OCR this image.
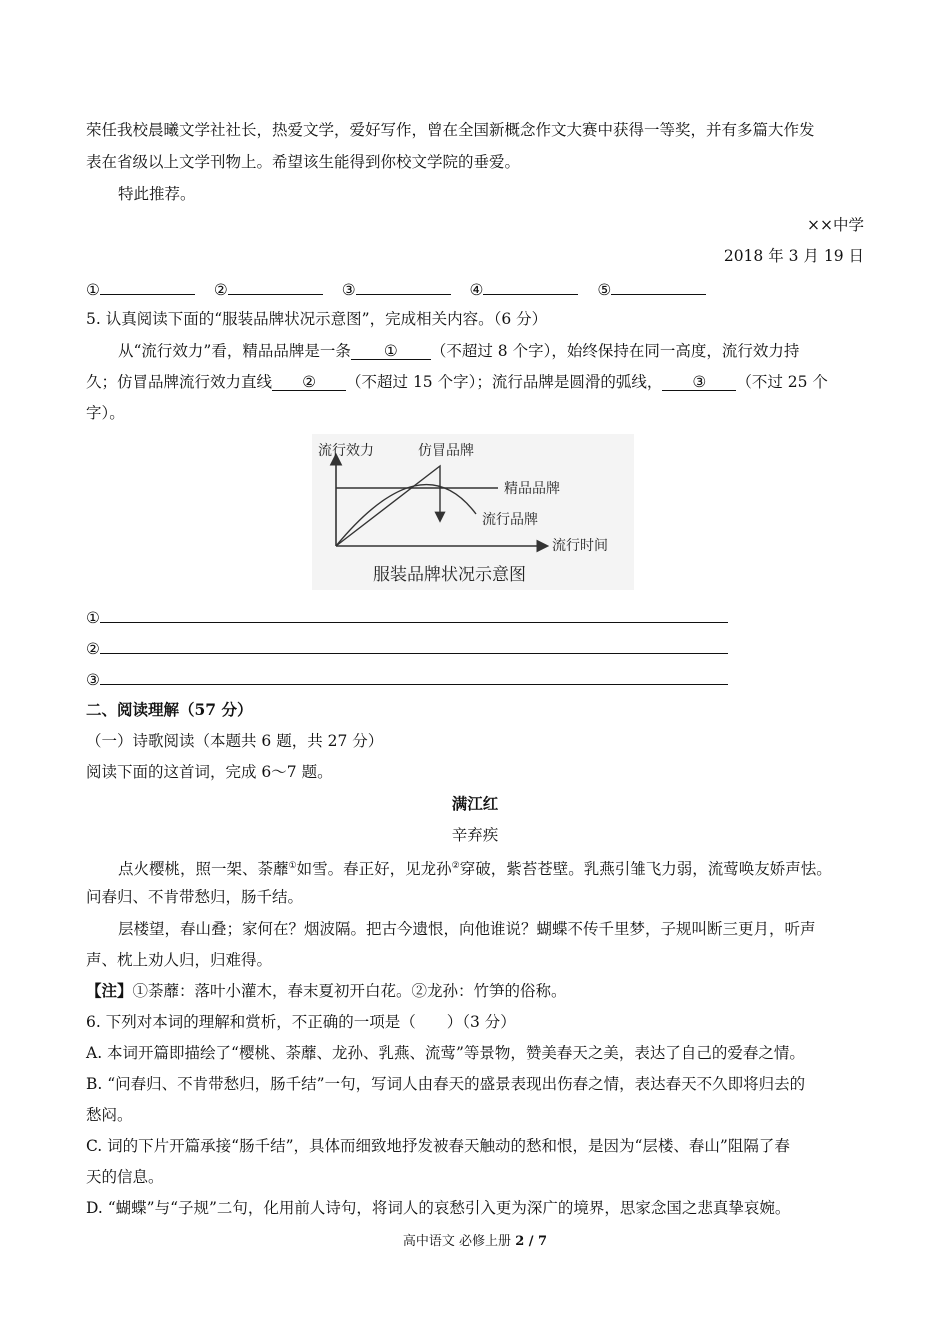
荣任我校晨曦文学社社长，热爱文学，爱好写作，曾在全国新概念作文大赛中获得一等奖，并有多篇大作发
表在省级以上文学刊物上。希望该生能得到你校文学院的垂爱。
特此推荐。
××中学
2018 年 3 月 19 日
①	②	③	④	⑤
5. 认真阅读下面的“服装品牌状况示意图”，完成相关内容。（6 分）
从“流行效力”看，精品品牌是一条 ① （不超过 8 个字），始终保持在同一高度，流行效力持
久；仿冒品牌流行效力直线 ② （不超过 15 个字）；流行品牌是圆滑的弧线， ③ （不过 25 个
字）。
流行效力	仿冒品牌
精品品牌
流行品牌
流行时间
服装品牌状况示意图
①
②
③
二、阅读理解（57 分）
（一）诗歌阅读（本题共 6 题，共 27 分）
阅读下面的这首词，完成 6～7 题。
满江红
辛弃疾
点火樱桃，照一架、荼蘼①如雪。春正好，见龙孙②穿破，紫苔苍壁。乳燕引雏飞力弱，流莺唤友娇声怯。
问春归、不肯带愁归，肠千结。
层楼望，春山叠；家何在？烟波隔。把古今遗恨，向他谁说？蝴蝶不传千里梦，子规叫断三更月，听声
声、枕上劝人归，归难得。
【注】①荼蘼：落叶小灌木，春末夏初开白花。②龙孙：竹笋的俗称。
6. 下列对本词的理解和赏析，不正确的一项是（　　）（3 分）
A. 本词开篇即描绘了“樱桃、荼蘼、龙孙、乳燕、流莺”等景物，赞美春天之美，表达了自己的爱春之情。
B. “问春归、不肯带愁归，肠千结”一句，写词人由春天的盛景表现出伤春之情，表达春天不久即将归去的
愁闷。
C. 词的下片开篇承接“肠千结”，具体而细致地抒发被春天触动的愁和恨，是因为“层楼、春山”阻隔了春
天的信息。
D. “蝴蝶”与“子规”二句，化用前人诗句，将词人的哀愁引入更为深广的境界，思家念国之悲真挚哀婉。
高中语文 必修上册 2 / 7
